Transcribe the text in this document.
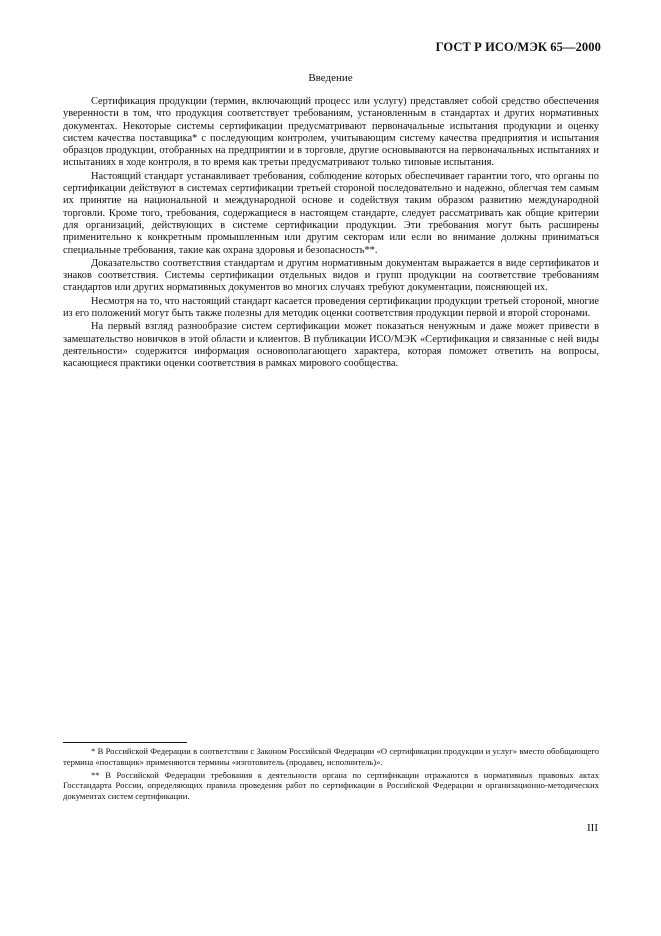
ГОСТ Р ИСО/МЭК 65—2000
Введение

Сертификация продукции (термин, включающий процесс или услугу) представляет собой средство обеспечения уверенности в том, что продукция соответствует требованиям, установленным в стандартах и других нормативных документах. Некоторые системы сертификации предусматривают первоначальные испытания продукции и оценку систем качества поставщика* с последующим контролем, учитывающим систему качества предприятия и испытания образцов продукции, отобранных на предприятии и в торговле, другие основываются на первоначальных испытаниях и испытаниях в ходе контроля, в то время как третьи предусматривают только типовые испытания.

Настоящий стандарт устанавливает требования, соблюдение которых обеспечивает гарантии того, что органы по сертификации действуют в системах сертификации третьей стороной последовательно и надежно, облегчая тем самым их принятие на национальной и международной основе и содействуя таким образом развитию международной торговли. Кроме того, требования, содержащиеся в настоящем стандарте, следует рассматривать как общие критерии для организаций, действующих в системе сертификации продукции. Эти требования могут быть расширены применительно к конкретным промышленным или другим секторам или если во внимание должны приниматься специальные требования, такие как охрана здоровья и безопасность**.

Доказательство соответствия стандартам и другим нормативным документам выражается в виде сертификатов и знаков соответствия. Системы сертификации отдельных видов и групп продукции на соответствие требованиям стандартов или других нормативных документов во многих случаях требуют документации, поясняющей их.

Несмотря на то, что настоящий стандарт касается проведения сертификации продукции третьей стороной, многие из его положений могут быть также полезны для методик оценки соответствия продукции первой и второй сторонами.

На первый взгляд разнообразие систем сертификации может показаться ненужным и даже может привести в замешательство новичков в этой области и клиентов. В публикации ИСО/МЭК «Сертификация и связанные с ней виды деятельности» содержится информация основополагающего характера, которая поможет ответить на вопросы, касающиеся практики оценки соответствия в рамках мирового сообщества.

* В Российской Федерации в соответствии с Законом Российской Федерации «О сертификации продукции и услуг» вместо обобщающего термина «поставщик» применяются термины «изготовитель (продавец, исполнитель)».

** В Российской Федерации требования к деятельности органа по сертификации отражаются в нормативных правовых актах Госстандарта России, определяющих правила проведения работ по сертификации в Российской Федерации и организационно-методических документах систем сертификации.

III
